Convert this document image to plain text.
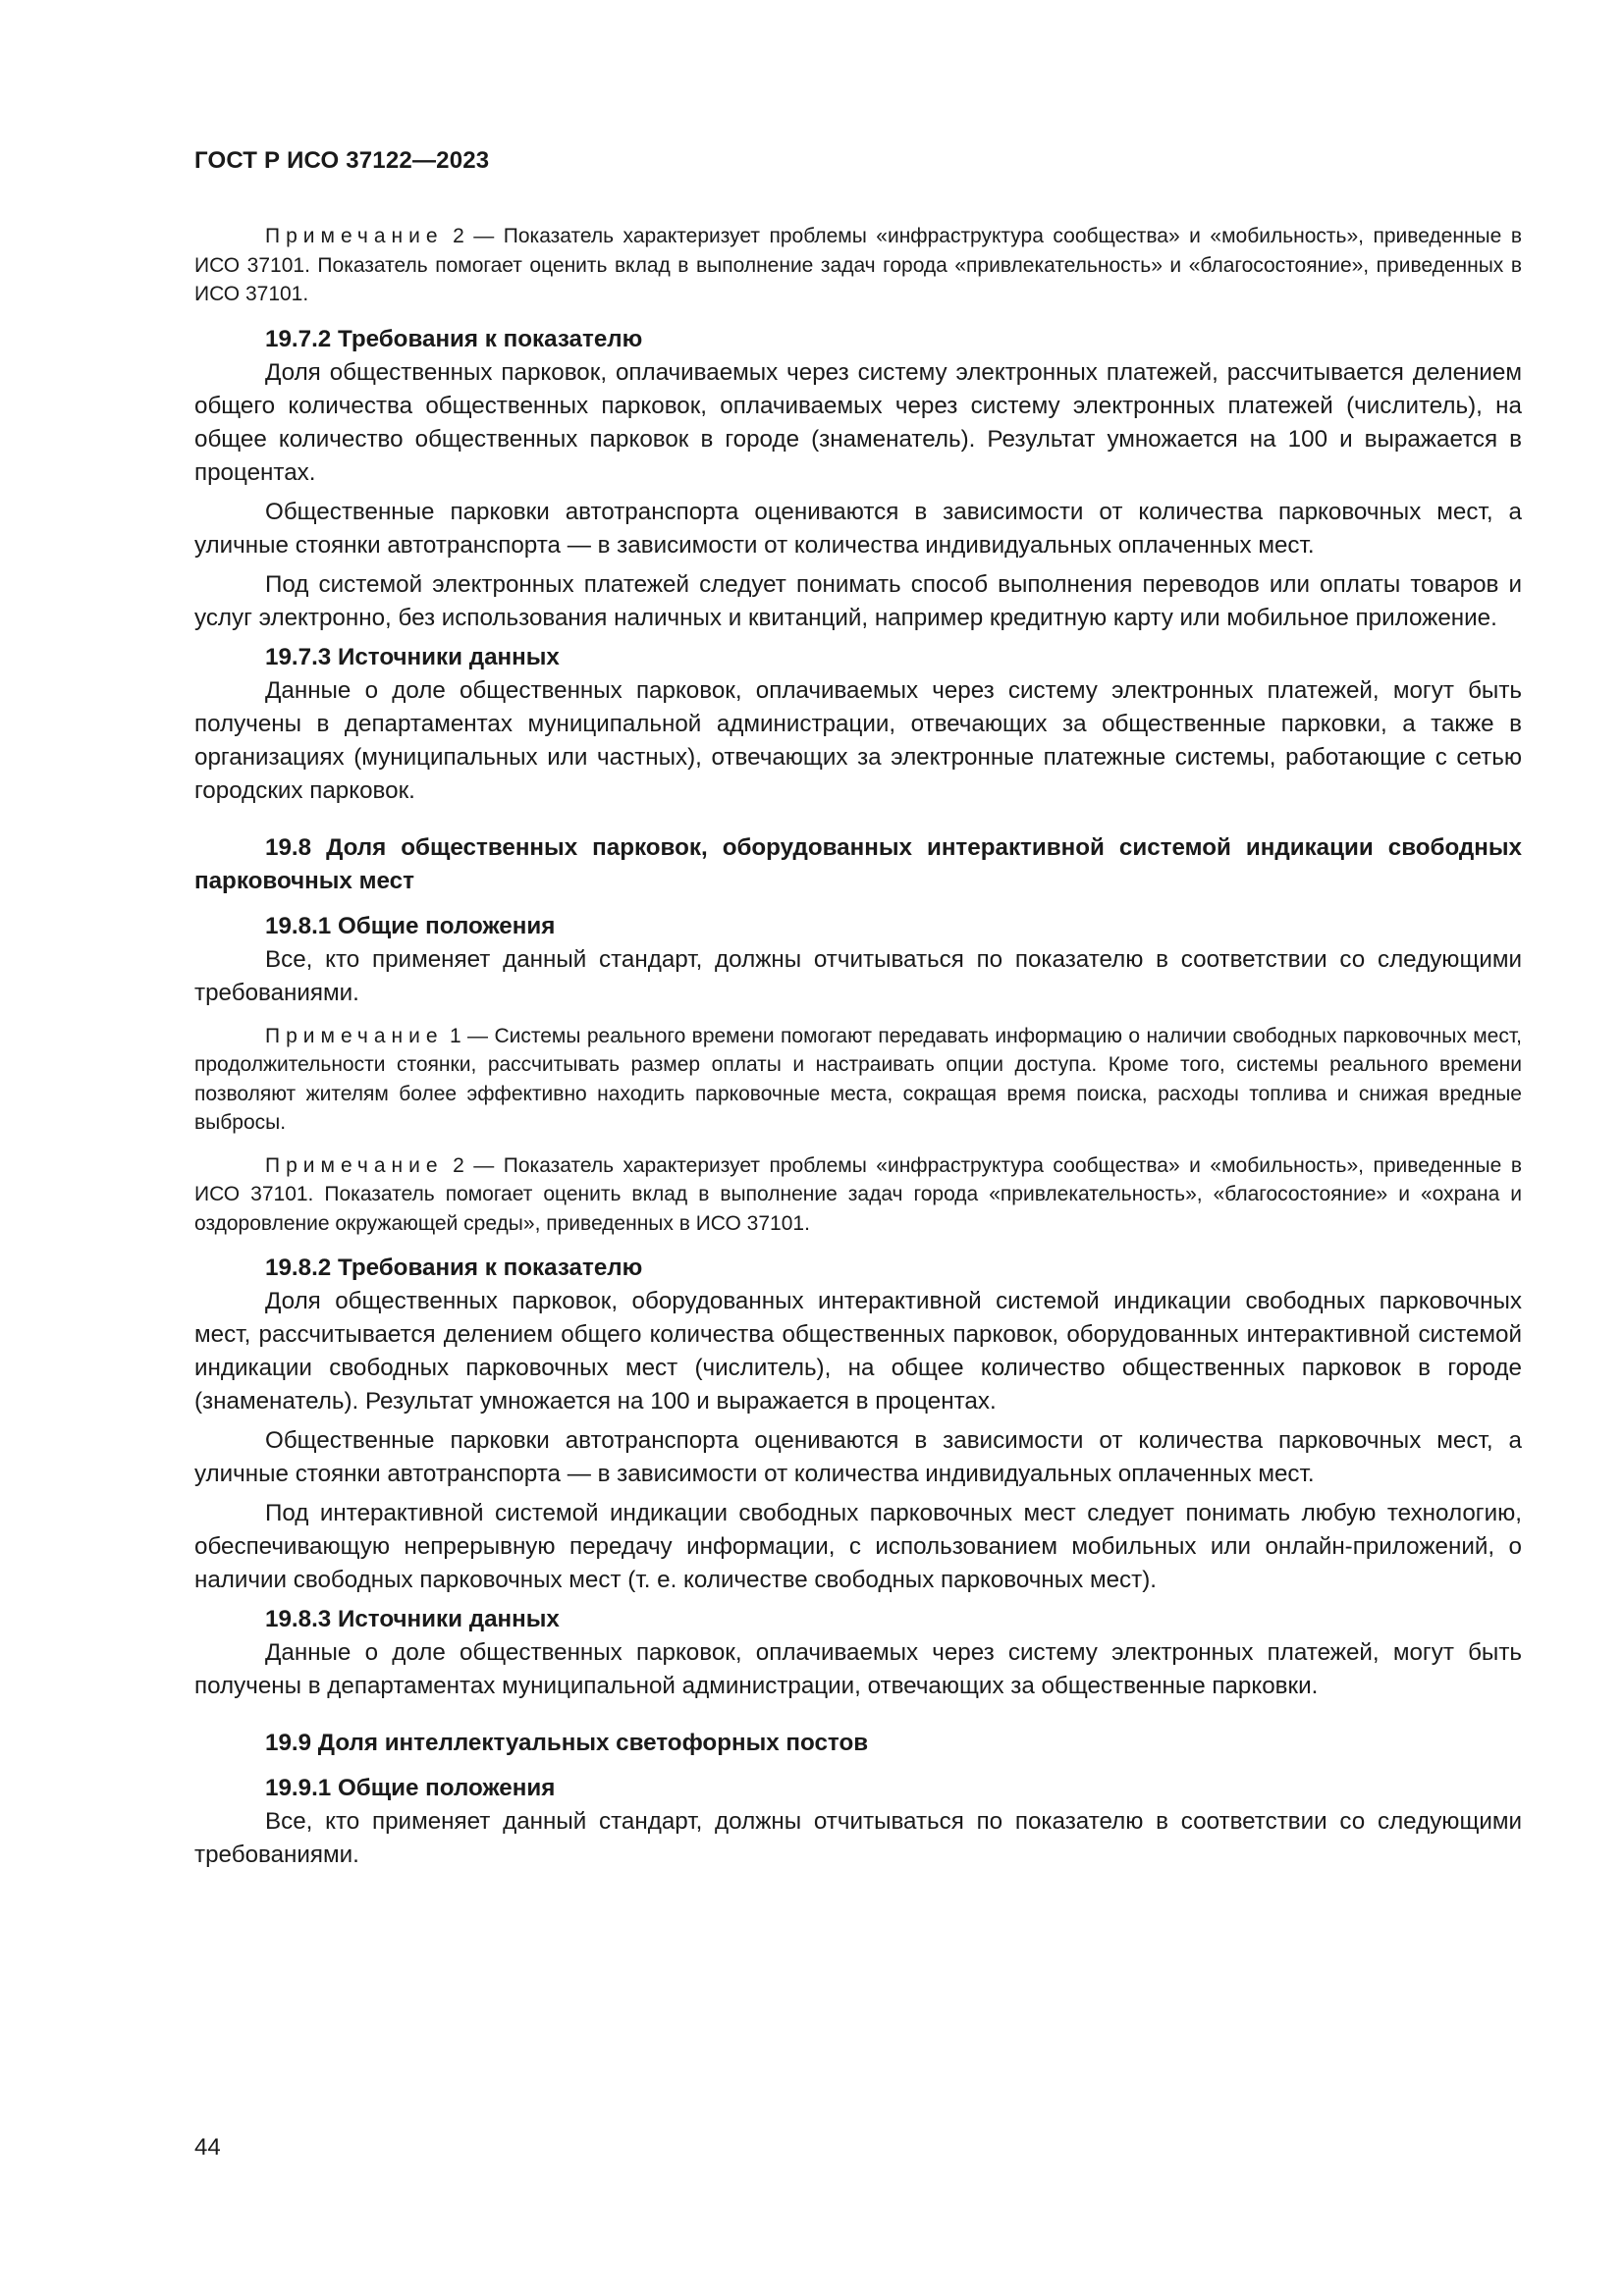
ГОСТ Р ИСО 37122—2023

Примечание 2 — Показатель характеризует проблемы «инфраструктура сообщества» и «мобильность», приведенные в ИСО 37101. Показатель помогает оценить вклад в выполнение задач города «привлекательность» и «благосостояние», приведенных в ИСО 37101.

19.7.2 Требования к показателю

Доля общественных парковок, оплачиваемых через систему электронных платежей, рассчитывается делением общего количества общественных парковок, оплачиваемых через систему электронных платежей (числитель), на общее количество общественных парковок в городе (знаменатель). Результат умножается на 100 и выражается в процентах.

Общественные парковки автотранспорта оцениваются в зависимости от количества парковочных мест, а уличные стоянки автотранспорта — в зависимости от количества индивидуальных оплаченных мест.

Под системой электронных платежей следует понимать способ выполнения переводов или оплаты товаров и услуг электронно, без использования наличных и квитанций, например кредитную карту или мобильное приложение.

19.7.3 Источники данных

Данные о доле общественных парковок, оплачиваемых через систему электронных платежей, могут быть получены в департаментах муниципальной администрации, отвечающих за общественные парковки, а также в организациях (муниципальных или частных), отвечающих за электронные платежные системы, работающие с сетью городских парковок.

19.8 Доля общественных парковок, оборудованных интерактивной системой индикации свободных парковочных мест
19.8.1 Общие положения

Все, кто применяет данный стандарт, должны отчитываться по показателю в соответствии со следующими требованиями.

Примечание 1 — Системы реального времени помогают передавать информацию о наличии свободных парковочных мест, продолжительности стоянки, рассчитывать размер оплаты и настраивать опции доступа. Кроме того, системы реального времени позволяют жителям более эффективно находить парковочные места, сокращая время поиска, расходы топлива и снижая вредные выбросы.

Примечание 2 — Показатель характеризует проблемы «инфраструктура сообщества» и «мобильность», приведенные в ИСО 37101. Показатель помогает оценить вклад в выполнение задач города «привлекательность», «благосостояние» и «охрана и оздоровление окружающей среды», приведенных в ИСО 37101.

19.8.2 Требования к показателю

Доля общественных парковок, оборудованных интерактивной системой индикации свободных парковочных мест, рассчитывается делением общего количества общественных парковок, оборудованных интерактивной системой индикации свободных парковочных мест (числитель), на общее количество общественных парковок в городе (знаменатель). Результат умножается на 100 и выражается в процентах.

Общественные парковки автотранспорта оцениваются в зависимости от количества парковочных мест, а уличные стоянки автотранспорта — в зависимости от количества индивидуальных оплаченных мест.

Под интерактивной системой индикации свободных парковочных мест следует понимать любую технологию, обеспечивающую непрерывную передачу информации, с использованием мобильных или онлайн-приложений, о наличии свободных парковочных мест (т. е. количестве свободных парковочных мест).

19.8.3 Источники данных

Данные о доле общественных парковок, оплачиваемых через систему электронных платежей, могут быть получены в департаментах муниципальной администрации, отвечающих за общественные парковки.

19.9 Доля интеллектуальных светофорных постов
19.9.1 Общие положения

Все, кто применяет данный стандарт, должны отчитываться по показателю в соответствии со следующими требованиями.

44
